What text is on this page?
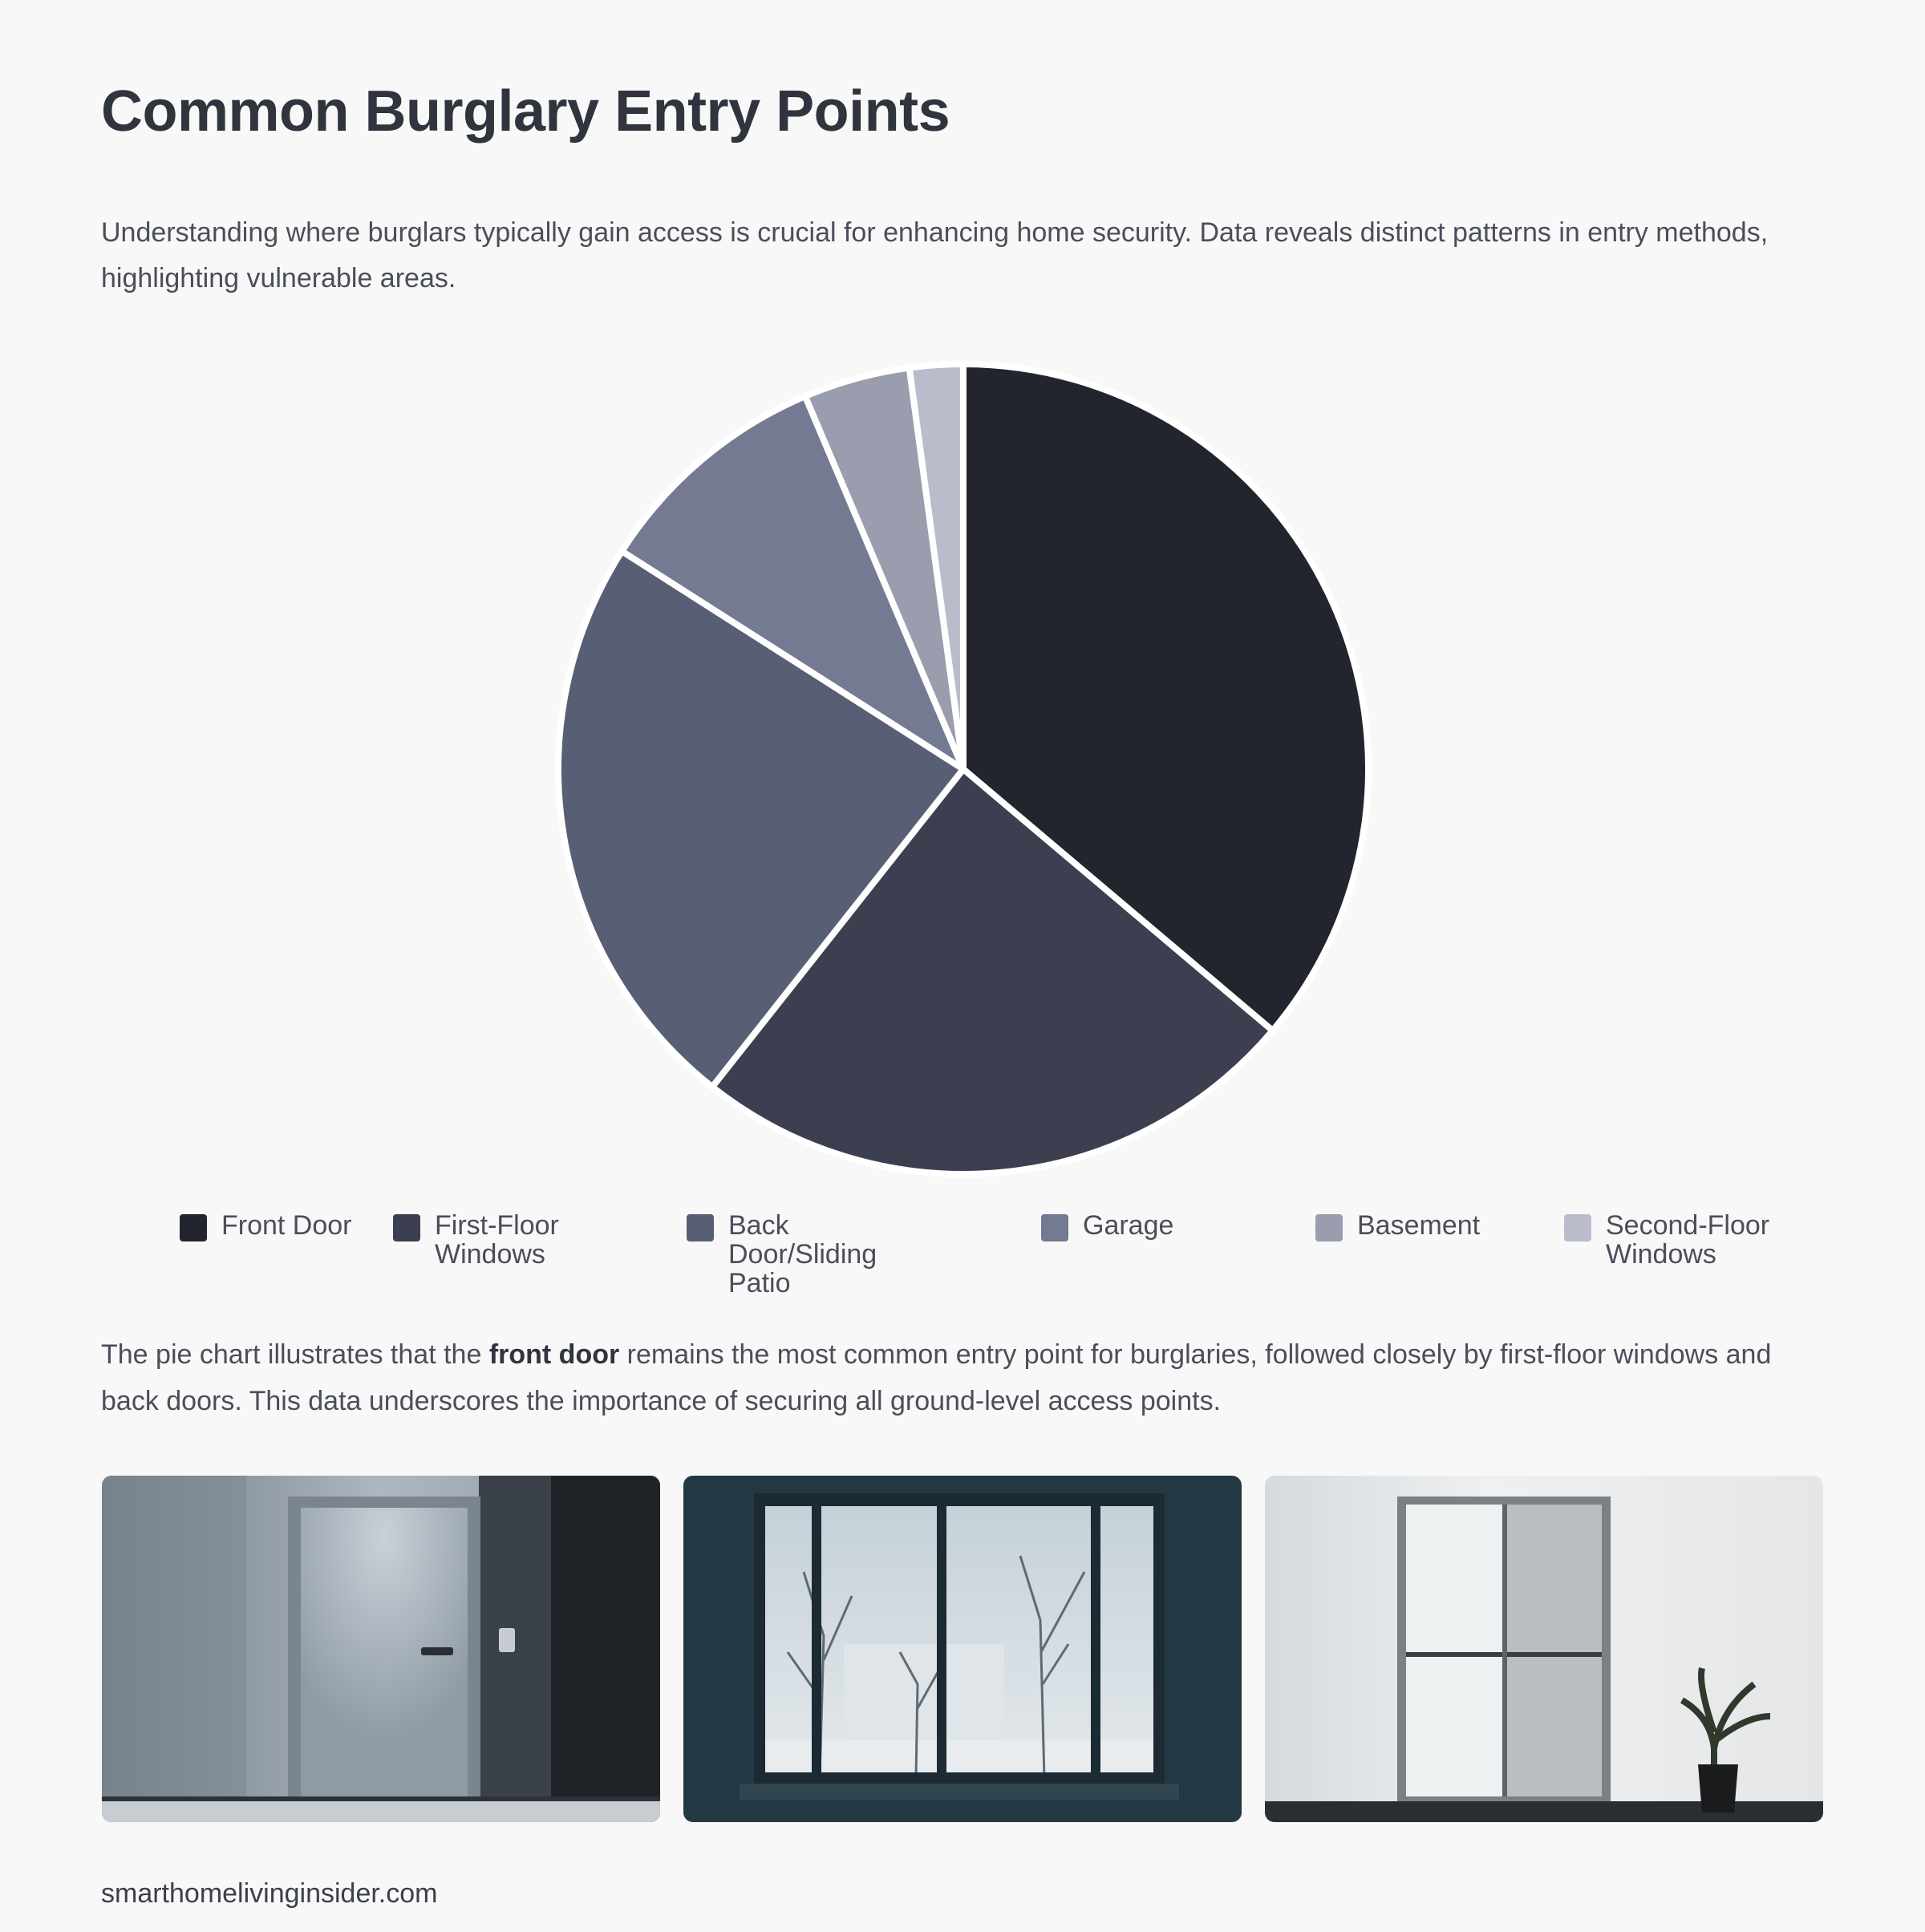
Common Burglary Entry Points

Understanding where burglars typically gain access is crucial for enhancing home security. Data reveals distinct patterns in entry methods, highlighting vulnerable areas.

Front Door	First-Floor Windows
Back Door/Sliding Patio
Garage	Basement	Second-Floor Windows

The pie chart illustrates that the front door remains the most common entry point for burglaries, followed closely by first-floor windows and back doors. This data underscores the importance of securing all ground-level access points.

smarthomelivinginsider.com
